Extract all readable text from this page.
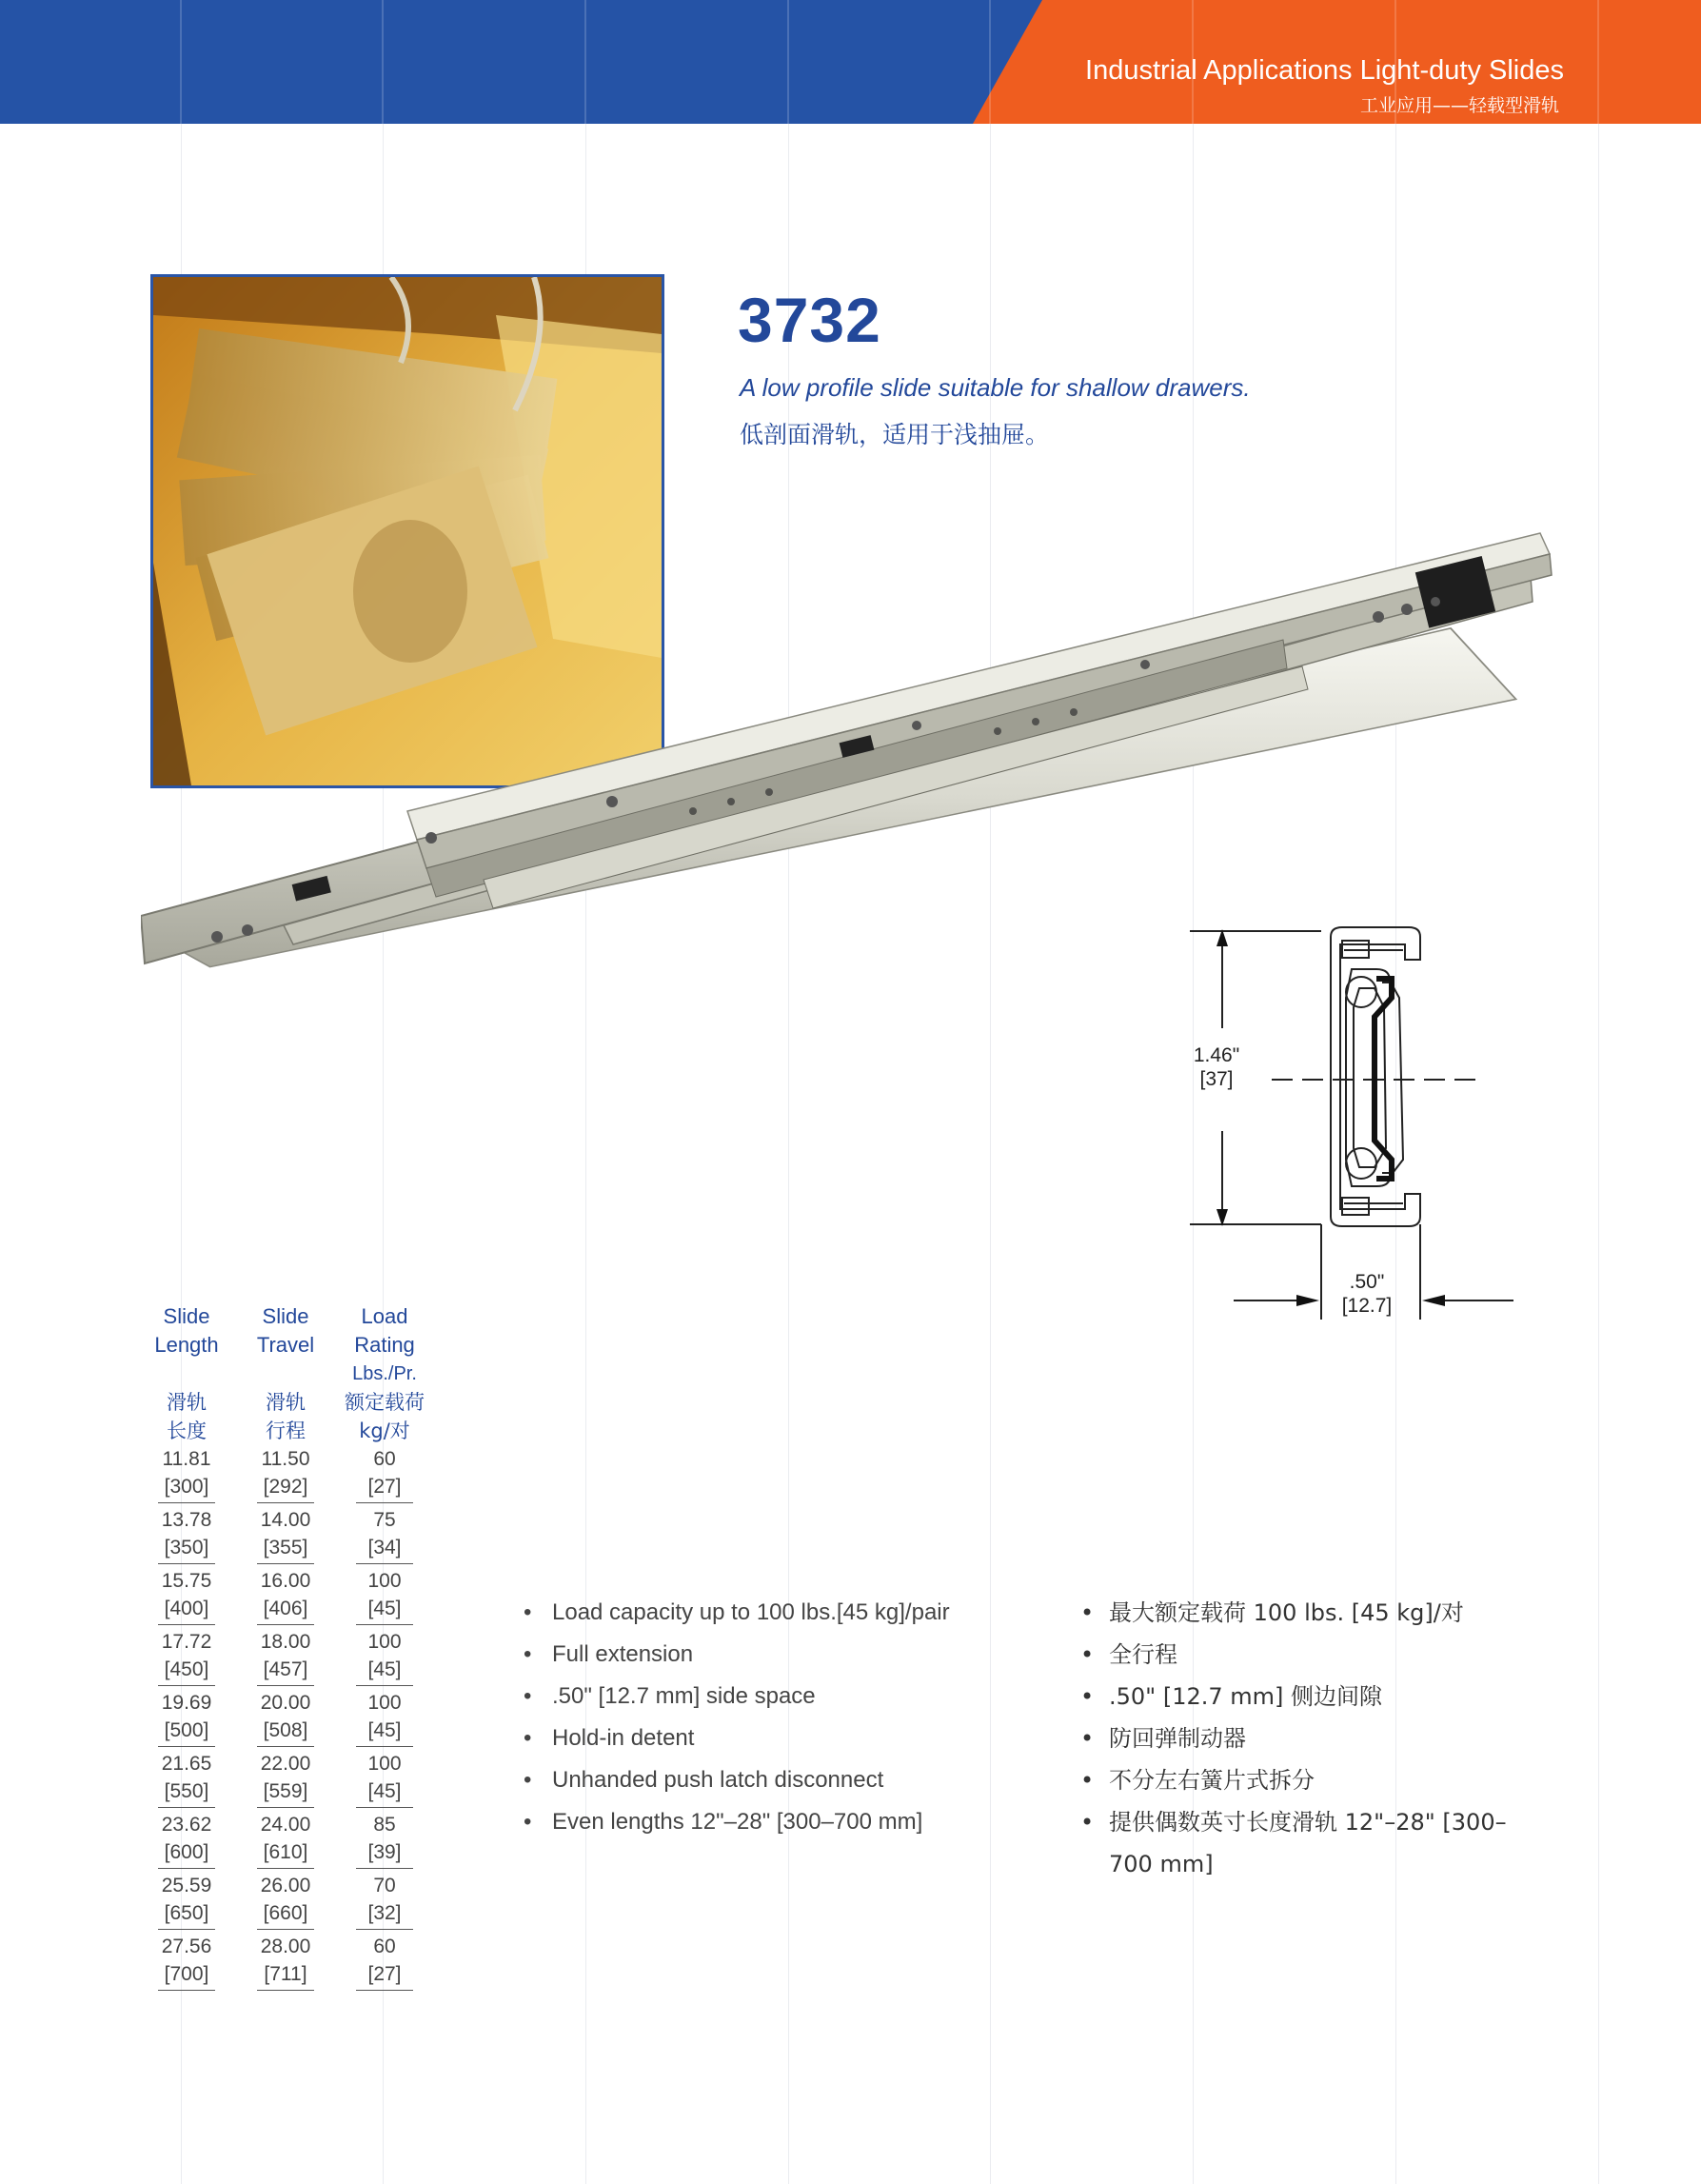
Industrial Applications Light-duty Slides
工业应用——轻载型滑轨
3732
A low profile slide suitable for shallow drawers.
低剖面滑轨，适用于浅抽屉。
1.46"
[37]
.50"
[12.7]
Slide
Length
滑轨
长度
Slide
Travel
滑轨
行程
Load
Rating
Lbs./Pr.
额定载荷
kg/对
11.81
[300]
11.50
[292]
60
[27]
13.78
[350]
14.00
[355]
75
[34]
15.75
[400]
16.00
[406]
100
[45]
17.72
[450]
18.00
[457]
100
[45]
19.69
[500]
20.00
[508]
100
[45]
21.65
[550]
22.00
[559]
100
[45]
23.62
[600]
24.00
[610]
85
[39]
25.59
[650]
26.00
[660]
70
[32]
27.56
[700]
28.00
[711]
60
[27]
• Load capacity up to 100 lbs.[45 kg]/pair
• Full extension
• .50" [12.7 mm] side space
• Hold-in detent
• Unhanded push latch disconnect
• Even lengths 12"–28" [300–700 mm]
• 最大额定载荷 100 lbs. [45 kg]/对
• 全行程
• .50" [12.7 mm] 侧边间隙
• 防回弹制动器
• 不分左右簧片式拆分
• 提供偶数英寸长度滑轨 12"–28" [300–700 mm]
